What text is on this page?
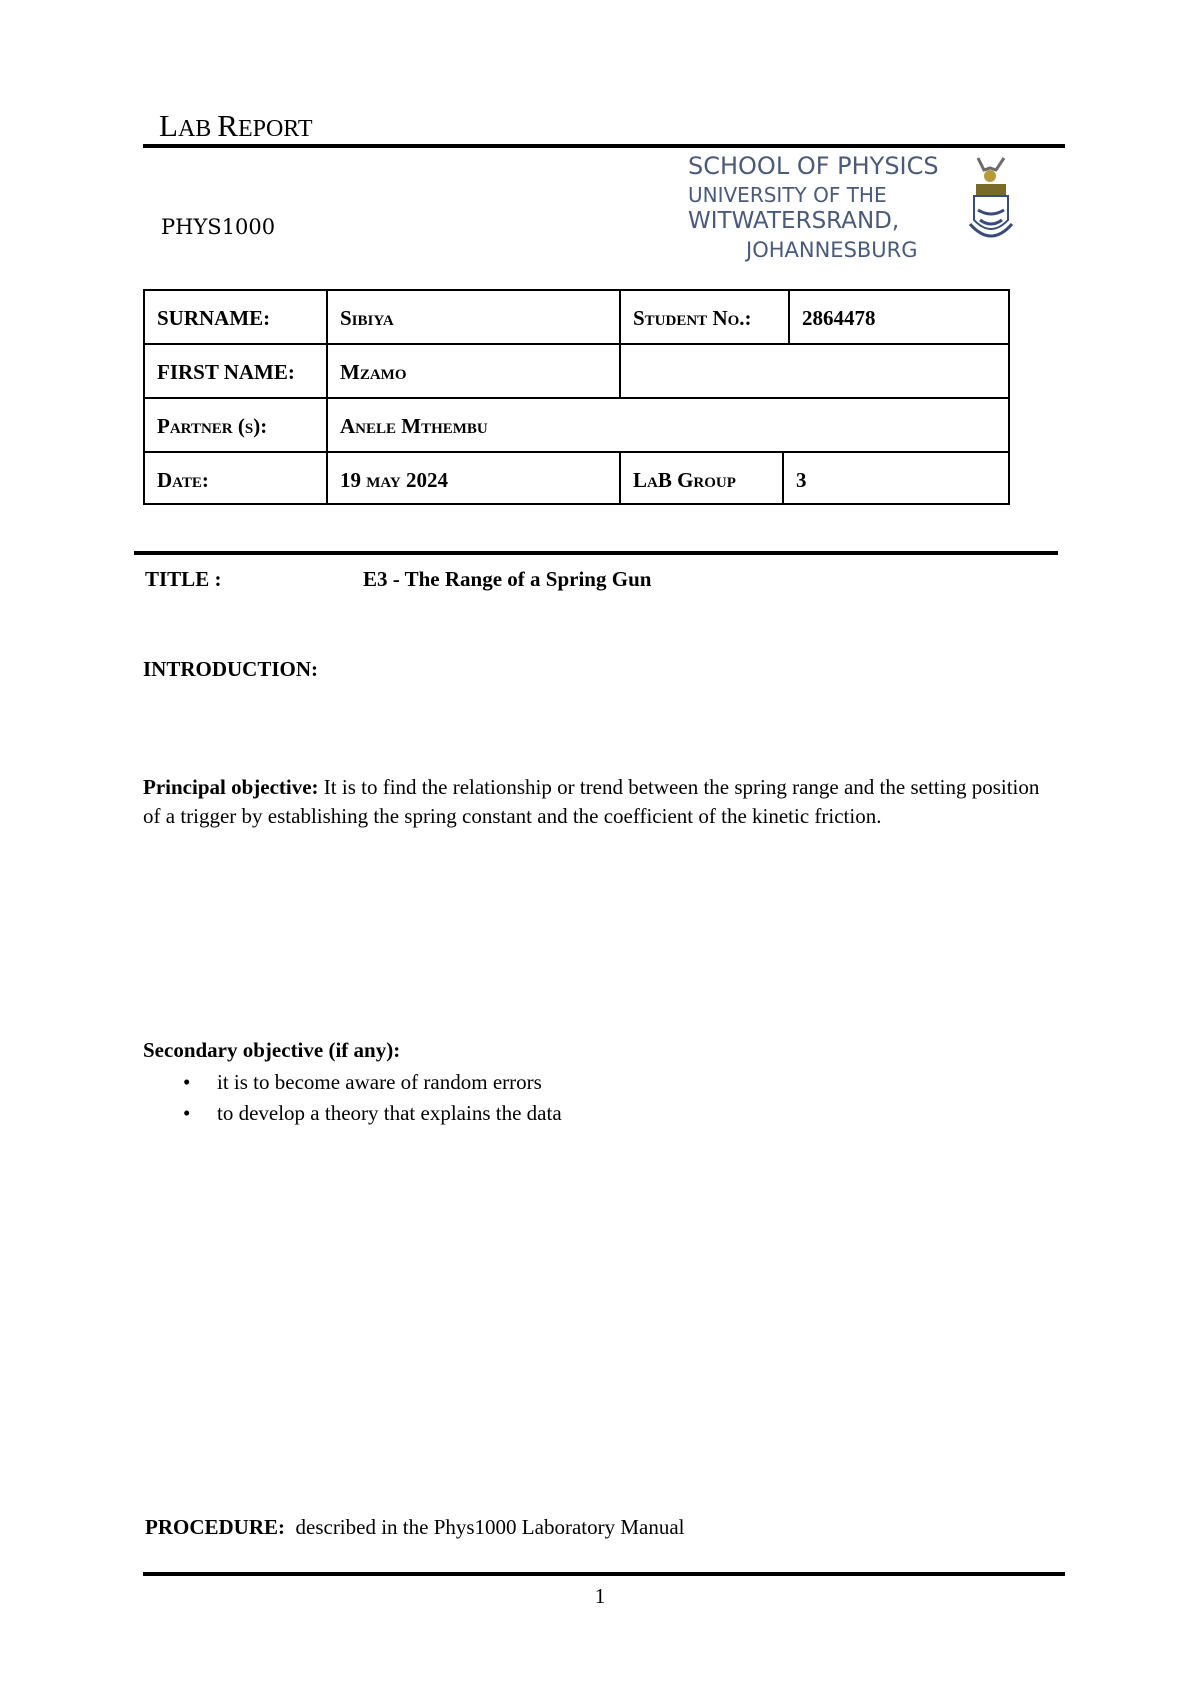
LAB REPORT
PHYS1000
SCHOOL OF PHYSICS
UNIVERSITY OF THE
WITWATERSRAND,
JOHANNESBURG
SURNAME:	Sibiya	Student No.:	2864478
FIRST NAME:	Mzamo
Partner (s):	Anele Mthembu
Date:	19 may 2024	LaB Group	3
TITLE :	E3 - The Range of a Spring Gun
INTRODUCTION:
Principal objective: It is to find the relationship or trend between the spring range and the setting position of a trigger by establishing the spring constant and the coefficient of the kinetic friction.
Secondary objective (if any):
• it is to become aware of random errors
• to develop a theory that explains the data
PROCEDURE: described in the Phys1000 Laboratory Manual
1
